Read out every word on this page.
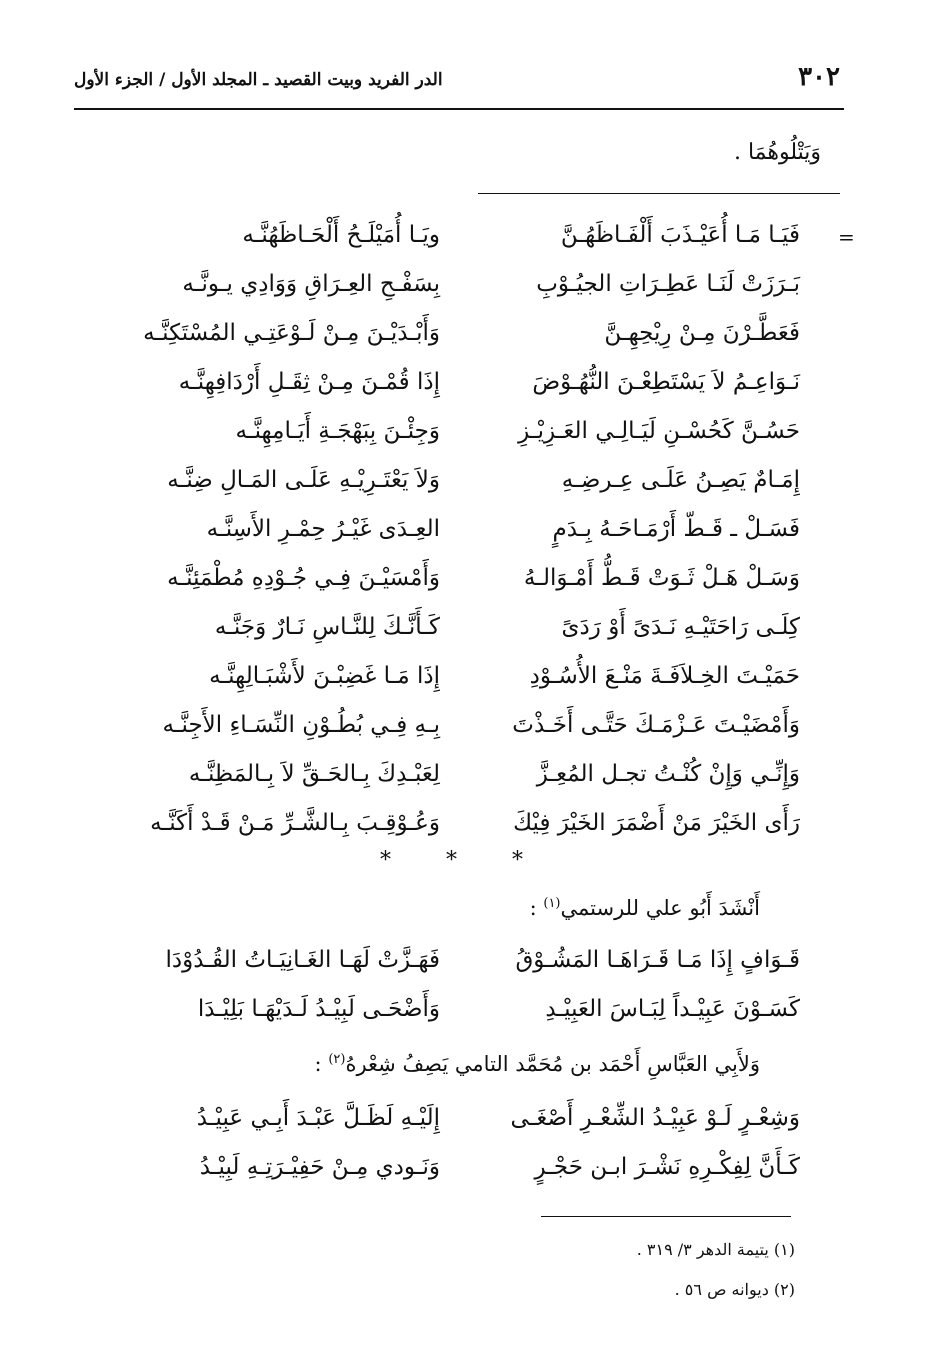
الدر الفريد وبيت القصيد ـ المجلد الأول / الجزء الأول	٣٠٢
وَيَتْلُوهُمَا .
=
فَيَـا مَـا أُعَيْـذَبَ أَلْفَـاظَهُـنَّ
ويَـا أُمَيْلَـحُ أَلْحَـاظَهُنَّـه
بَـرَزَتْ لَنَـا عَطِـرَاتِ الجيُـوْبِ
بِسَفْـحِ العِـرَاقِ وَوَادِي يـونَّـه
فَعَطَّـرْنَ مِـنْ رِيْحِهِـنَّ
وَأَبْـدَيْـنَ مِـنْ لَـوْعَتِـي المُسْتَكِنَّـه
نَـوَاعِـمُ لاَ يَسْتَطِعْـنَ النُّهُـوْضَ
إِذَا قُمْـنَ مِـنْ ثِقَـلِ أَرْدَافِهِنَّـه
حَسُـنَّ كَحُسْـنِ لَيَـالِـي العَـزِيْـزِ
وَجِئْـنَ بِبَهْجَـةِ أَيَـامِهِنَّـه
إِمَـامٌ يَصِـنُ عَلَـى عِـرضِـهِ
وَلاَ يَعْتَـرِيْـهِ عَلَـى المَـالِ ضِنَّـه
فَسَـلْ ـ قَـطّ أَرْمَـاحَـهُ بِـدَمٍ
العِـدَى غَيْـرُ حِمْـرِ الأَسِنَّـه
وَسَـلْ هَـلْ ثَـوَتْ قَـطُّ أَمْـوَالـهُ
وَأَمْسَيْـنَ فِـي جُـوْدِهِ مُطْمَئِنَّـه
كِلَـى رَاحَتَيْـهِ نَـدَىً أَوْ رَدَىً
كَـأَنَّـكَ لِلنَّـاسِ نَـارٌ وَجَنَّـه
حَمَيْـتَ الخِـلاَفَـةَ مَنْـعَ الأُسُـوْدِ
إِذَا مَـا غَضِبْـنَ لأَشْبَـالِهِنَّـه
وَأَمْضَيْـتَ عَـزْمَـكَ حَتَّـى أَخَـذْتَ
بِـهِ فِـي بُطُـوْنِ النِّسَـاءِ الأَجِنَّـه
وَإِنِّـي وَإِنْ كُنْـتُ تجـل المُعِـزَّ
لِعَبْـدِكَ بِـالحَـقِّ لاَ بِـالمَظِنَّـه
رَأَى الخَيْرَ مَنْ أَضْمَرَ الخَيْرَ فِيْكَ
وَعُـوْقِـبَ بِـالشَّـرِّ مَـنْ قَـدْ أَكَنَّـه
* * *
أَنْشَدَ أَبُو علي للرستمي$^{(١)}$ :
قَـوَافٍ إِذَا مَـا قَـرَاهَـا المَشُـوْقُ
فَهَـزَّتْ لَهَـا الغَـانِيَـاتُ القُـدُوْدَا
كَسَـوْنَ عَبِيْـداً لِبَـاسَ العَبِيْـدِ
وَأَضْحَـى لَبِيْـدُ لَـدَيْهَـا بَلِيْـدَا
وَلأَبِي العَبَّاسِ أَحْمَد بن مُحَمَّد التامي يَصِفُ شِعْرهُ$^{(٢)}$ :
وَشِعْـرٍ لَـوْ عَبِيْـدُ الشِّعْـرِ أَصْغَـى
إِلَيْـهِ لَظَـلَّ عَبْـدَ أَبِـي عَبِيْـدُ
كَـأَنَّ لِفِكْـرِهِ نَشْـرَ ابـن حَجْـرٍ
وَنَـودي مِـنْ حَفِيْـرَتِـهِ لَبِيْـدُ
(١) يتيمة الدهر ٣/ ٣١٩ .
(٢) ديوانه ص ٥٦ .
